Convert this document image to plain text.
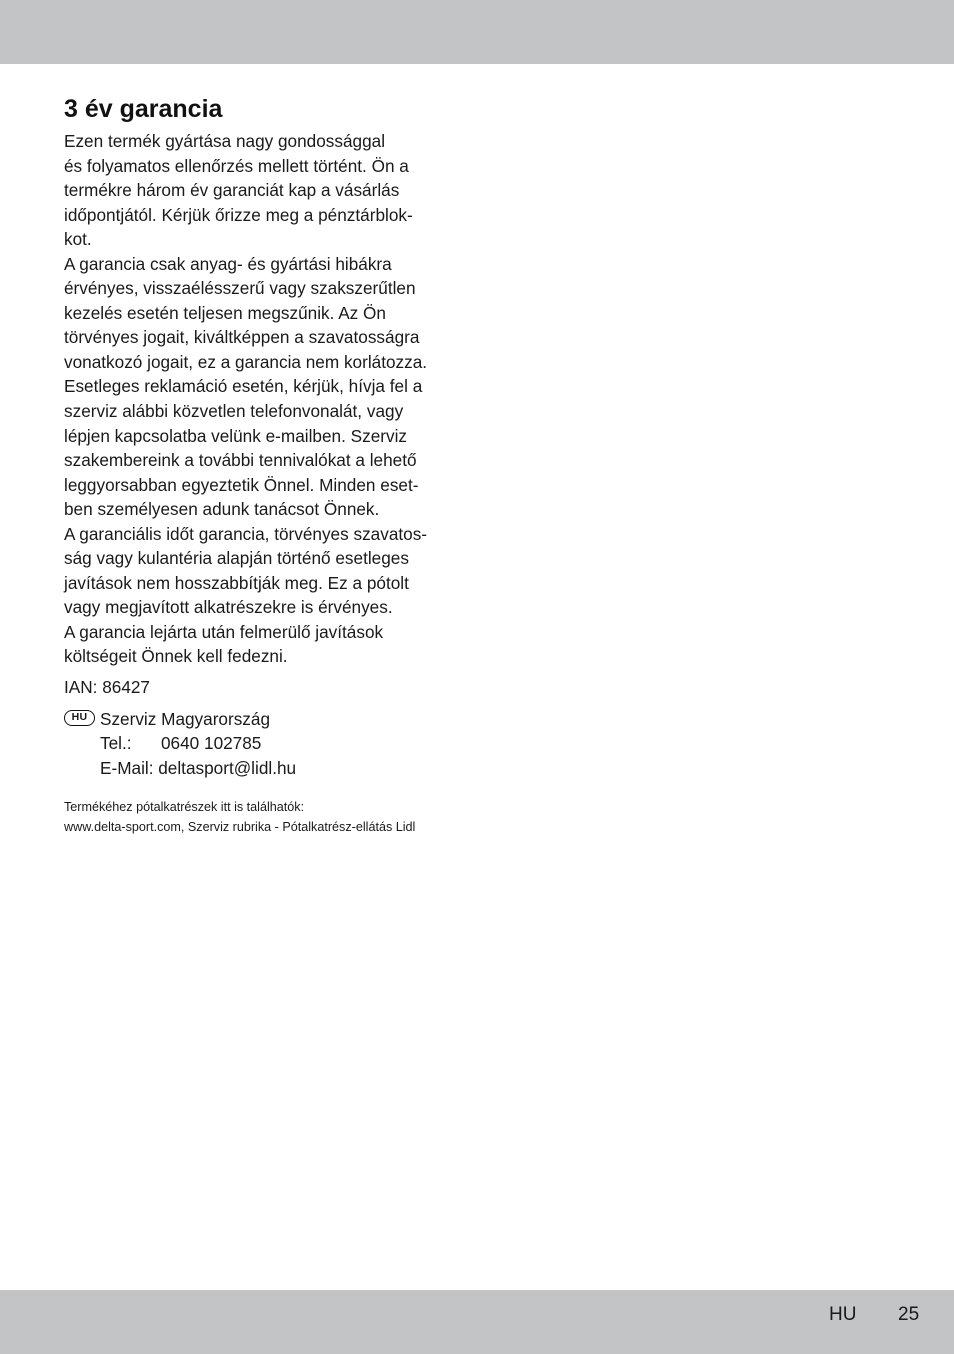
3 év garancia

Ezen termék gyártása nagy gondossággal
és folyamatos ellenőrzés mellett történt. Ön a
termékre három év garanciát kap a vásárlás
időpontjától. Kérjük őrizze meg a pénztárblok-
kot.

A garancia csak anyag- és gyártási hibákra
érvényes, visszaélésszerű vagy szakszerűtlen
kezelés esetén teljesen megszűnik. Az Ön
törvényes jogait, kiváltképpen a szavatosságra
vonatkozó jogait, ez a garancia nem korlátozza.

Esetleges reklamáció esetén, kérjük, hívja fel a
szerviz alábbi közvetlen telefonvonalát, vagy
lépjen kapcsolatba velünk e-mailben. Szerviz
szakembereink a további tennivalókat a lehető
leggyorsabban egyeztetik Önnel. Minden eset-
ben személyesen adunk tanácsot Önnek.

A garanciális időt garancia, törvényes szavatos-
ság vagy kulantéria alapján történő esetleges
javítások nem hosszabbítják meg. Ez a pótolt
vagy megjavított alkatrészekre is érvényes.

A garancia lejárta után felmerülő javítások
költségeit Önnek kell fedezni.

IAN: 86427
HU Szerviz Magyarország
Tel.: 0640 102785
E-Mail: deltasport@lidl.hu
Termékéhez pótalkatrészek itt is találhatók:
www.delta-sport.com, Szerviz rubrika - Pótalkatrész-ellátás Lidl
HU 25
